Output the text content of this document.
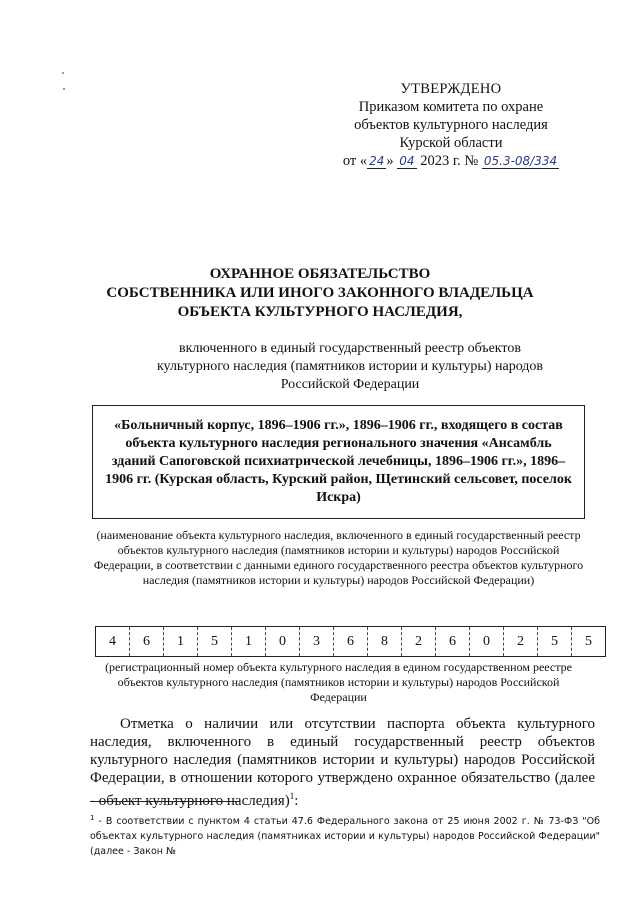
УТВЕРЖДЕНО
Приказом комитета по охране
объектов культурного наследия
Курской области
от « 24 » 04 2023 г. № 05.3-08/334
ОХРАННОЕ ОБЯЗАТЕЛЬСТВО
СОБСТВЕННИКА ИЛИ ИНОГО ЗАКОННОГО ВЛАДЕЛЬЦА
ОБЪЕКТА КУЛЬТУРНОГО НАСЛЕДИЯ,
включенного в единый государственный реестр объектов культурного наследия (памятников истории и культуры) народов Российской Федерации
«Больничный корпус, 1896–1906 гг.», 1896–1906 гг., входящего в состав объекта культурного наследия регионального значения «Ансамбль зданий Сапоговской психиатрической лечебницы, 1896–1906 гг.», 1896–1906 гг. (Курская область, Курский район, Щетинский сельсовет, поселок Искра)
(наименование объекта культурного наследия, включенного в единый государственный реестр объектов культурного наследия (памятников истории и культуры) народов Российской Федерации, в соответствии с данными единого государственного реестра объектов культурного наследия (памятников истории и культуры) народов Российской Федерации)
4	6	1	5	1	0	3	6	8	2	6	0	2	5	5
(регистрационный номер объекта культурного наследия в едином государственном реестре объектов культурного наследия (памятников истории и культуры) народов Российской Федерации
Отметка о наличии или отсутствии паспорта объекта культурного наследия, включенного в единый государственный реестр объектов культурного наследия (памятников истории и культуры) народов Российской Федерации, в отношении которого утверждено охранное обязательство (далее - объект культурного наследия)$^1$:
$^1$ - В соответствии с пунктом 4 статьи 47.6 Федерального закона от 25 июня 2002 г. № 73-ФЗ "Об объектах культурного наследия (памятниках истории и культуры) народов Российской Федерации" (далее - Закон №
